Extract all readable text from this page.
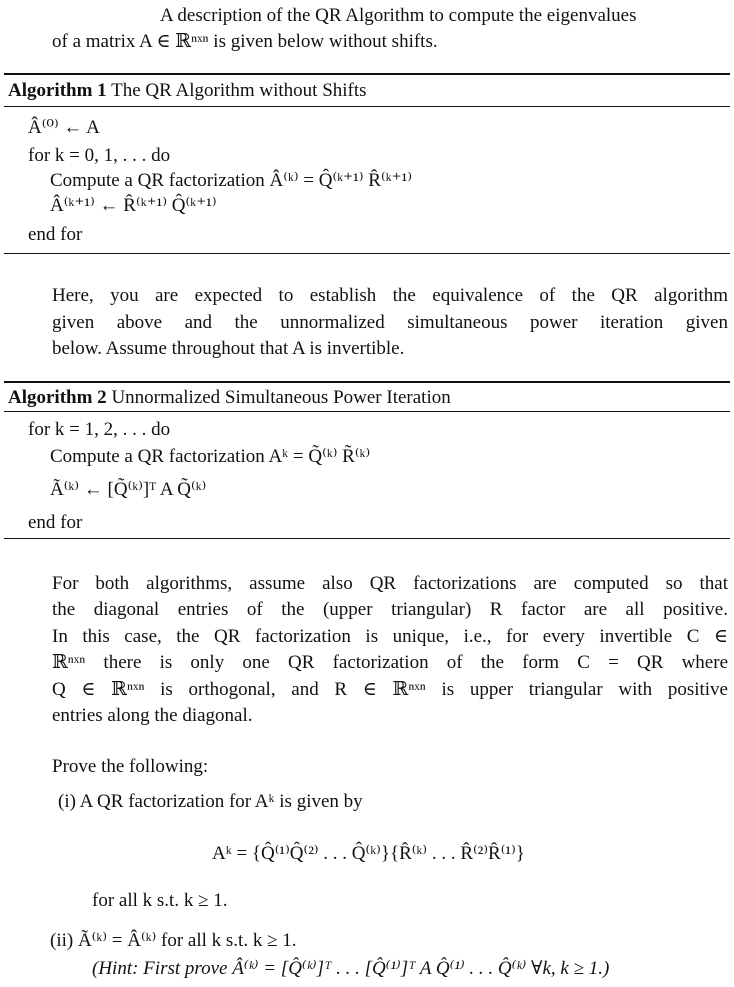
A description of the QR Algorithm to compute the eigenvalues
of a matrix A ∈ ℝⁿˣⁿ is given below without shifts.
Algorithm 1 The QR Algorithm without Shifts
Â⁽⁰⁾ ← A
for k = 0, 1, . . . do
Compute a QR factorization Â⁽ᵏ⁾ = Q̂⁽ᵏ⁺¹⁾ R̂⁽ᵏ⁺¹⁾
Â⁽ᵏ⁺¹⁾ ← R̂⁽ᵏ⁺¹⁾ Q̂⁽ᵏ⁺¹⁾
end for
Here, you are expected to establish the equivalence of the QR algorithm
given above and the unnormalized simultaneous power iteration given
below. Assume throughout that A is invertible.
Algorithm 2 Unnormalized Simultaneous Power Iteration
for k = 1, 2, . . . do
Compute a QR factorization Aᵏ = Q̃⁽ᵏ⁾ R̃⁽ᵏ⁾
Ã⁽ᵏ⁾ ← [Q̃⁽ᵏ⁾]ᵀ A Q̃⁽ᵏ⁾
end for
For both algorithms, assume also QR factorizations are computed so that
the diagonal entries of the (upper triangular) R factor are all positive.
In this case, the QR factorization is unique, i.e., for every invertible C ∈
ℝⁿˣⁿ there is only one QR factorization of the form C = QR where
Q ∈ ℝⁿˣⁿ is orthogonal, and R ∈ ℝⁿˣⁿ is upper triangular with positive
entries along the diagonal.
Prove the following:
(i) A QR factorization for Aᵏ is given by
Aᵏ = {Q̂⁽¹⁾Q̂⁽²⁾ . . . Q̂⁽ᵏ⁾}{R̂⁽ᵏ⁾ . . . R̂⁽²⁾R̂⁽¹⁾}
for all k s.t. k ≥ 1.
(ii) Ã⁽ᵏ⁾ = Â⁽ᵏ⁾ for all k s.t. k ≥ 1.
(Hint: First prove Â⁽ᵏ⁾ = [Q̂⁽ᵏ⁾]ᵀ . . . [Q̂⁽¹⁾]ᵀ A Q̂⁽¹⁾ . . . Q̂⁽ᵏ⁾ ∀k, k ≥ 1.)
